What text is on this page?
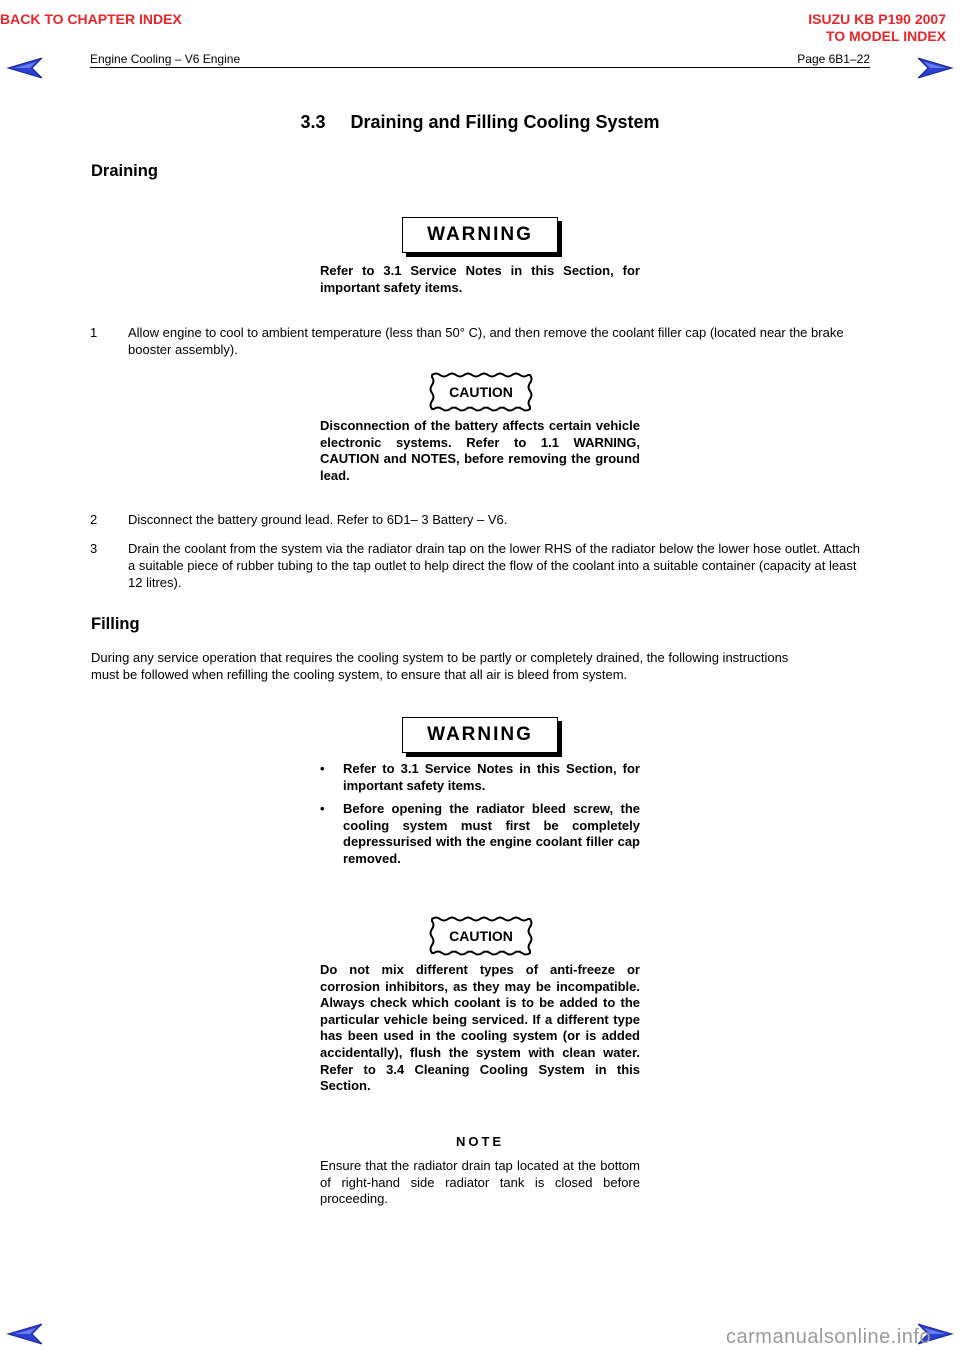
BACK TO CHAPTER INDEX	ISUZU KB P190 2007
TO MODEL INDEX
Engine Cooling – V6 Engine	Page 6B1–22
3.3     Draining and Filling Cooling System
Draining
WARNING
Refer to 3.1 Service Notes in this Section, for important safety items.
1 Allow engine to cool to ambient temperature (less than 50° C), and then remove the coolant filler cap (located near the brake booster assembly).
CAUTION
Disconnection of the battery affects certain vehicle electronic systems. Refer to 1.1 WARNING, CAUTION and NOTES, before removing the ground lead.
2 Disconnect the battery ground lead. Refer to 6D1– 3 Battery – V6.
3 Drain the coolant from the system via the radiator drain tap on the lower RHS of the radiator below the lower hose outlet. Attach a suitable piece of rubber tubing to the tap outlet to help direct the flow of the coolant into a suitable container (capacity at least 12 litres).
Filling
During any service operation that requires the cooling system to be partly or completely drained, the following instructions must be followed when refilling the cooling system, to ensure that all air is bleed from system.
WARNING
• Refer to 3.1 Service Notes in this Section, for important safety items.
• Before opening the radiator bleed screw, the cooling system must first be completely depressurised with the engine coolant filler cap removed.
CAUTION
Do not mix different types of anti-freeze or corrosion inhibitors, as they may be incompatible. Always check which coolant is to be added to the particular vehicle being serviced. If a different type has been used in the cooling system (or is added accidentally), flush the system with clean water. Refer to 3.4 Cleaning Cooling System in this Section.
NOTE
Ensure that the radiator drain tap located at the bottom of right-hand side radiator tank is closed before proceeding.
carmanualsonline.info
